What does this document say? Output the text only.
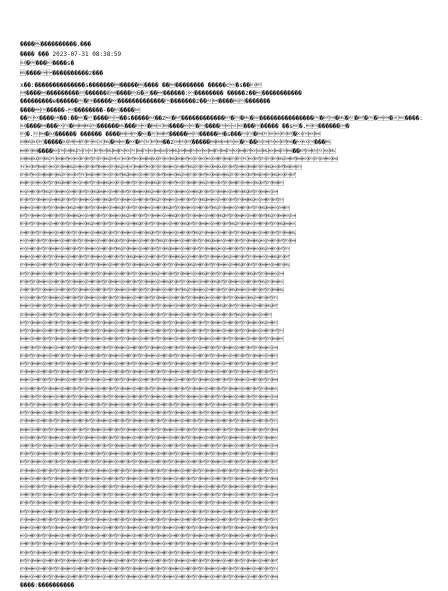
��������������.���
���� ��� 2023-07-31 08:38:59
��������s�
��������������z���
x��:��������������s���������������� ���������� �����c�s��
�������������������ǁ����6���������:�������� �����z�������������
���������e��������������������������������z�������������
���������-��������-������
��������:���������s�������z������������������������������������������:
����������������������������������� ��s�.�������
�.������� ������ �����������������s�����
����������z������������
������




















































����:����������
